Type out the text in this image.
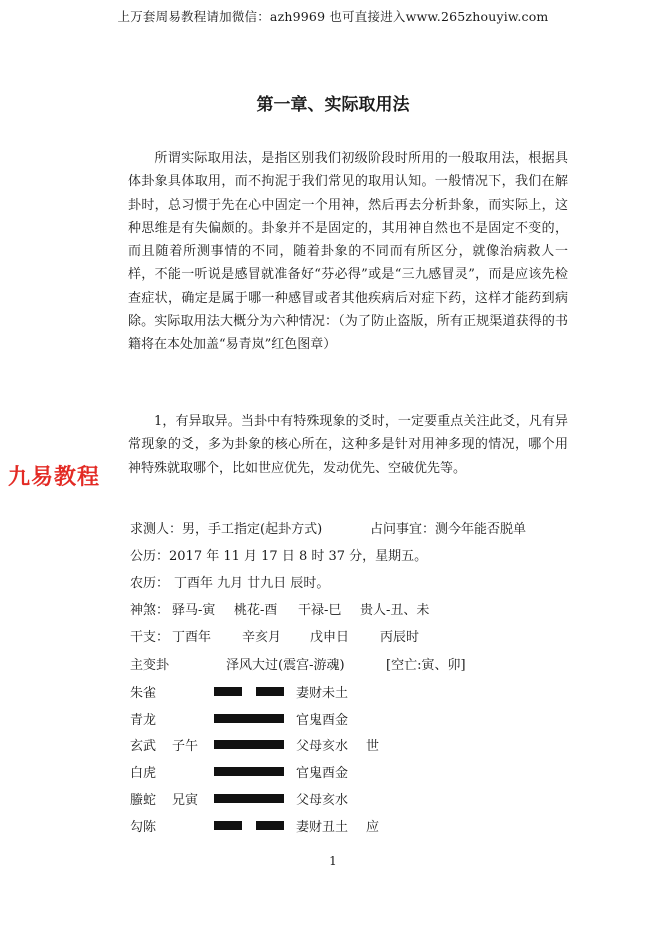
上万套周易教程请加微信：azh9969 也可直接进入www.265zhouyiw.com
第一章、实际取用法
所谓实际取用法，是指区别我们初级阶段时所用的一般取用法，根据具体卦象具体取用，而不拘泥于我们常见的取用认知。一般情况下，我们在解卦时，总习惯于先在心中固定一个用神，然后再去分析卦象，而实际上，这种思维是有失偏颇的。卦象并不是固定的，其用神自然也不是固定不变的，而且随着所测事情的不同，随着卦象的不同而有所区分，就像治病救人一样，不能一听说是感冒就准备好“芬必得”或是“三九感冒灵”，而是应该先检查症状，确定是属于哪一种感冒或者其他疾病后对症下药，这样才能药到病除。实际取用法大概分为六种情况：（为了防止盗版，所有正规渠道获得的书籍将在本处加盖“易青岚”红色图章）
1，有异取异。当卦中有特殊现象的爻时，一定要重点关注此爻，凡有异常现象的爻，多为卦象的核心所在，这种多是针对用神多现的情况，哪个用神特殊就取哪个，比如世应优先，发动优先、空破优先等。
九易教程
求测人： 男，手工指定(起卦方式)	占问事宜： 测今年能否脱单
公历：2017 年 11 月 17 日 8 时 37 分，星期五。
农历： 丁酉年 九月 廿九日 辰时。
神煞： 驿马-寅 桃花-酉 干禄-巳 贵人-丑、未
干支： 丁酉年 辛亥月 戊申日 丙辰时
主变卦	泽风大过(震宫-游魂)	[空亡:寅、卯]
朱雀	妻财未土
青龙	官鬼酉金
玄武 子午	父母亥水 世
白虎	官鬼酉金
螣蛇 兄寅	父母亥水
勾陈	妻财丑土 应
1
